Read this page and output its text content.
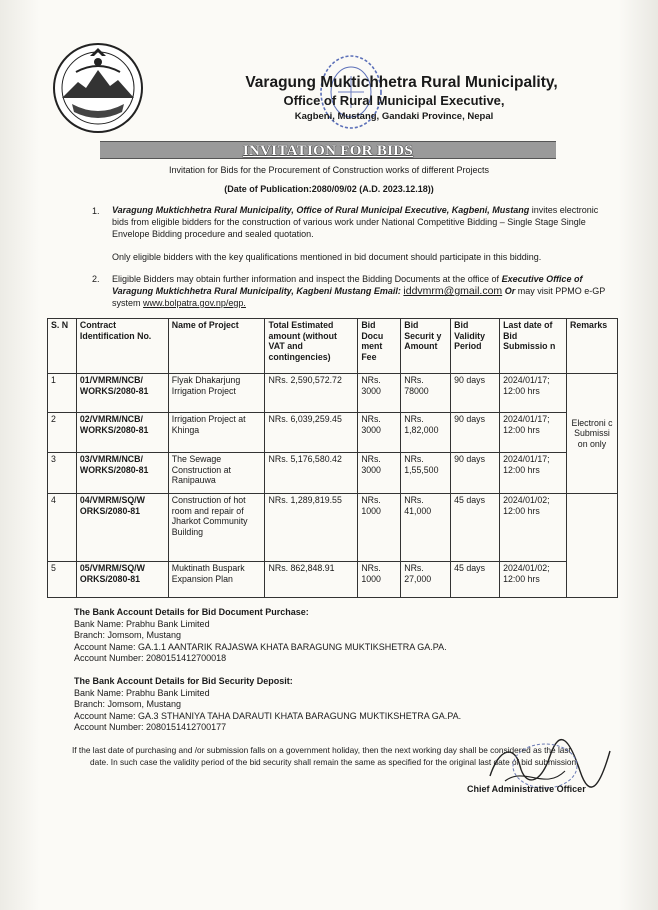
Varagung Muktichhetra Rural Municipality,
Office of Rural Municipal Executive,
Kagbeni, Mustang, Gandaki Province, Nepal
INVITATION FOR BIDS
Invitation for Bids for the Procurement of Construction works of different Projects
(Date of Publication:2080/09/02 (A.D. 2023.12.18))
1. Varagung Muktichhetra Rural Municipality, Office of Rural Municipal Executive, Kagbeni, Mustang invites electronic bids from eligible bidders for the construction of various work under National Competitive Bidding – Single Stage Single Envelope Bidding procedure and sealed quotation.
Only eligible bidders with the key qualifications mentioned in bid document should participate in this bidding.
2. Eligible Bidders may obtain further information and inspect the Bidding Documents at the office of Executive Office of Varagung Muktichhetra Rural Municipality, Kagbeni Mustang Email: iddvmrm@gmail.com Or may visit PPMO e-GP system www.bolpatra.gov.np/egp.
S. N	Contract Identification No.	Name of Project	Total Estimated amount (without VAT and contingencies)	Bid Docu ment Fee	Bid Securit y Amount	Bid Validity Period	Last date of Bid Submissio n	Remarks
1	01/VMRM/NCB/ WORKS/2080-81	Flyak Dhakarjung Irrigation Project	NRs. 2,590,572.72	NRs. 3000	NRs. 78000	90 days	2024/01/17; 12:00 hrs	Electroni c Submissi on only
2	02/VMRM/NCB/ WORKS/2080-81	Irrigation Project at Khinga	NRs. 6,039,259.45	NRs. 3000	NRs. 1,82,000	90 days	2024/01/17; 12:00 hrs	
3	03/VMRM/NCB/ WORKS/2080-81	The Sewage Construction at Ranipauwa	NRs. 5,176,580.42	NRs. 3000	NRs. 1,55,500	90 days	2024/01/17; 12:00 hrs	
4	04/VMRM/SQ/W ORKS/2080-81	Construction of hot room and repair of Jharkot Community Building	NRs. 1,289,819.55	NRs. 1000	NRs. 41,000	45 days	2024/01/02; 12:00 hrs	
5	05/VMRM/SQ/W ORKS/2080-81	Muktinath Buspark Expansion Plan	NRs. 862,848.91	NRs. 1000	NRs. 27,000	45 days	2024/01/02; 12:00 hrs	
The Bank Account Details for Bid Document Purchase:
Bank Name: Prabhu Bank Limited
Branch: Jomsom, Mustang
Account Name: GA.1.1 AANTARIK RAJASWA KHATA BARAGUNG MUKTIKSHETRA GA.PA.
Account Number: 2080151412700018
The Bank Account Details for Bid Security Deposit:
Bank Name: Prabhu Bank Limited
Branch: Jomsom, Mustang
Account Name: GA.3 STHANIYA TAHA DARAUTI KHATA BARAGUNG MUKTIKSHETRA GA.PA.
Account Number: 2080151412700177
If the last date of purchasing and /or submission falls on a government holiday, then the next working day shall be considered as the last
date. In such case the validity period of the bid security shall remain the same as specified for the original last date of bid submission.
Chief Administrative Officer
